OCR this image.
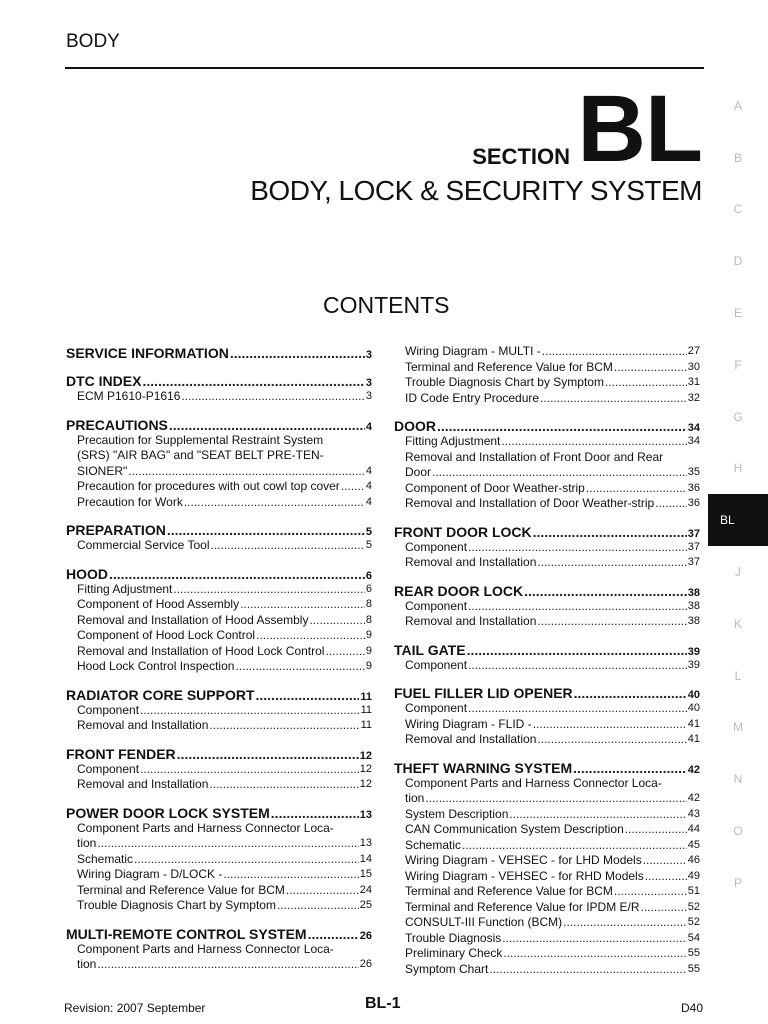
BODY
SECTION BL
BODY, LOCK & SECURITY SYSTEM
CONTENTS
A
B
C
D
E
F
G
H
BL
J
K
L
M
N
O
P
SERVICE INFORMATION .....	3
DTC INDEX .....	3
ECM P1610-P1616 .....	3
PRECAUTIONS .....	4
Precaution for Supplemental Restraint System
(SRS) "AIR BAG" and "SEAT BELT PRE-TEN-
SIONER" .....	4
Precaution for procedures with out cowl top cover ..... 4
Precaution for Work .....	4
PREPARATION .....	5
Commercial Service Tool .....	5
HOOD .....	6
Fitting Adjustment .....	6
Component of Hood Assembly .....	8
Removal and Installation of Hood Assembly .....	8
Component of Hood Lock Control .....	9
Removal and Installation of Hood Lock Control .....	9
Hood Lock Control Inspection .....	9
RADIATOR CORE SUPPORT .....	11
Component .....	11
Removal and Installation .....	11
FRONT FENDER .....	12
Component .....	12
Removal and Installation .....	12
POWER DOOR LOCK SYSTEM .....	13
Component Parts and Harness Connector Loca-
tion .....	13
Schematic .....	14
Wiring Diagram - D/LOCK - .....	15
Terminal and Reference Value for BCM .....	24
Trouble Diagnosis Chart by Symptom .....	25
MULTI-REMOTE CONTROL SYSTEM .....	26
Component Parts and Harness Connector Loca-
tion .....	26
Wiring Diagram - MULTI - .....	27
Terminal and Reference Value for BCM .....	30
Trouble Diagnosis Chart by Symptom .....	31
ID Code Entry Procedure .....	32
DOOR .....	34
Fitting Adjustment .....	34
Removal and Installation of Front Door and Rear
Door .....	35
Component of Door Weather-strip .....	36
Removal and Installation of Door Weather-strip .....	36
FRONT DOOR LOCK .....	37
Component .....	37
Removal and Installation .....	37
REAR DOOR LOCK .....	38
Component .....	38
Removal and Installation .....	38
TAIL GATE .....	39
Component .....	39
FUEL FILLER LID OPENER .....	40
Component .....	40
Wiring Diagram - FLID - .....	41
Removal and Installation .....	41
THEFT WARNING SYSTEM .....	42
Component Parts and Harness Connector Loca-
tion .....	42
System Description .....	43
CAN Communication System Description .....	44
Schematic .....	45
Wiring Diagram - VEHSEC - for LHD Models .....	46
Wiring Diagram - VEHSEC - for RHD Models .....	49
Terminal and Reference Value for BCM .....	51
Terminal and Reference Value for IPDM E/R .....	52
CONSULT-III Function (BCM) .....	52
Trouble Diagnosis .....	54
Preliminary Check .....	55
Symptom Chart .....	55
Revision: 2007 September	BL-1	D40
